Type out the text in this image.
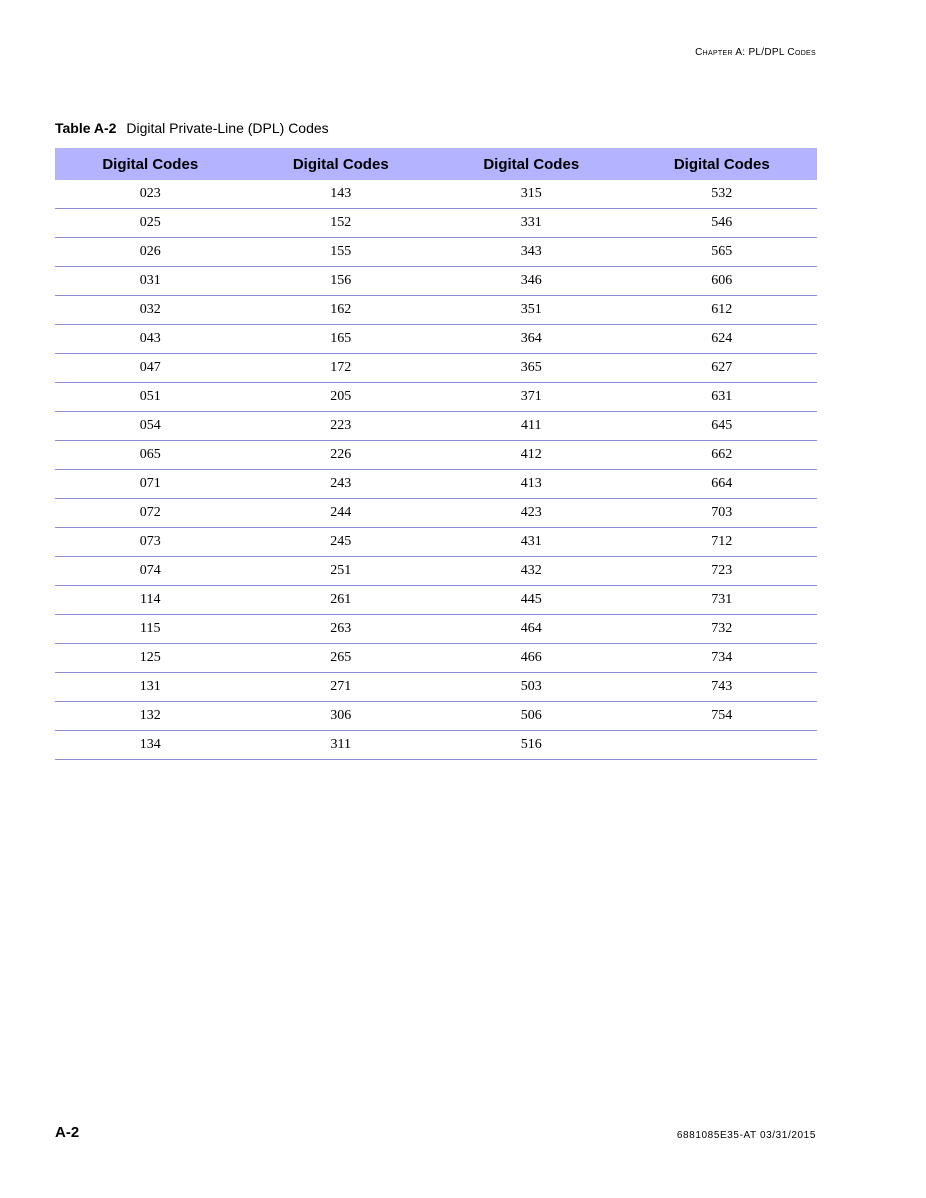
Chapter A: PL/DPL Codes
Table A-2 Digital Private-Line (DPL) Codes
Digital Codes	Digital Codes	Digital Codes	Digital Codes
023	143	315	532
025	152	331	546
026	155	343	565
031	156	346	606
032	162	351	612
043	165	364	624
047	172	365	627
051	205	371	631
054	223	411	645
065	226	412	662
071	243	413	664
072	244	423	703
073	245	431	712
074	251	432	723
114	261	445	731
115	263	464	732
125	265	466	734
131	271	503	743
132	306	506	754
134	311	516	
A-2	6881085E35-AT 03/31/2015
